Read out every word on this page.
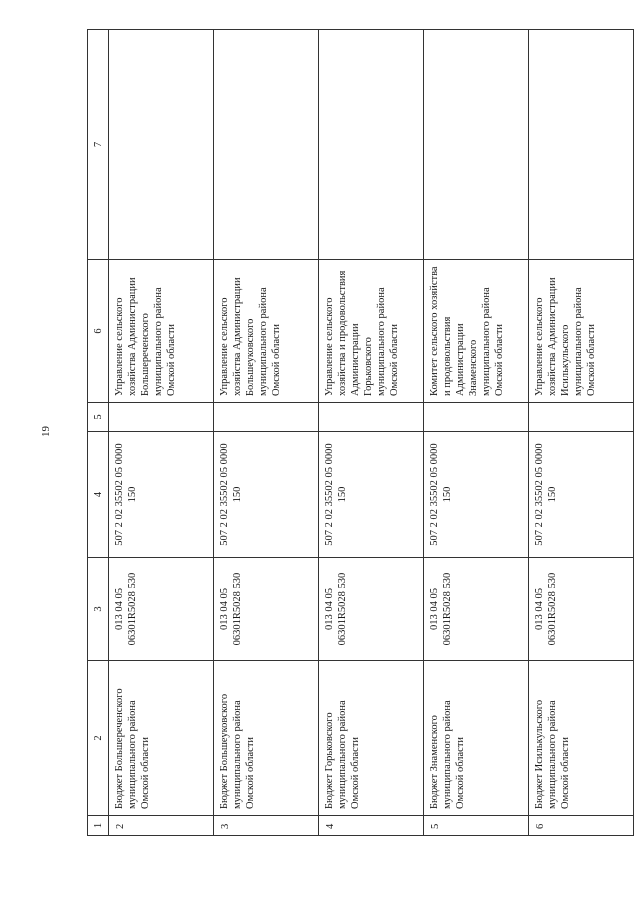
19
1	2	3	4	5	6	7
2	Бюджет Большереченского муниципального района Омской области	013 04 05 06301R5028 530	507 2 02 35502 05 0000 150		Управление сельского хозяйства Администрации Большереченского муниципального района Омской области	
3	Бюджет Большеуковского муниципального района Омской области	013 04 05 06301R5028 530	507 2 02 35502 05 0000 150		Управление сельского хозяйства Администрации Большеуковского муниципального района Омской области	
4	Бюджет Горьковского муниципального района Омской области	013 04 05 06301R5028 530	507 2 02 35502 05 0000 150		Управление сельского хозяйства и продовольствия Администрации Горьковского муниципального района Омской области	
5	Бюджет Знаменского муниципального района Омской области	013 04 05 06301R5028 530	507 2 02 35502 05 0000 150		Комитет сельского хозяйства и продовольствия Администрации Знаменского муниципального района Омской области	
6	Бюджет Исилькульского муниципального района Омской области	013 04 05 06301R5028 530	507 2 02 35502 05 0000 150		Управление сельского хозяйства Администрации Исилькульского муниципального района Омской области	
